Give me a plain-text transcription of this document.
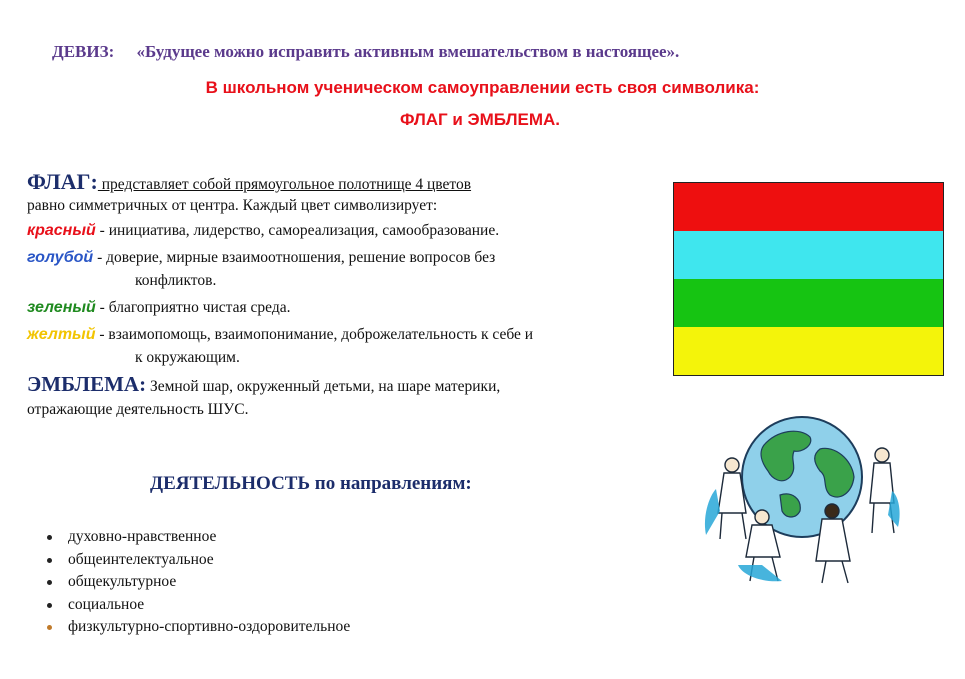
ДЕВИЗ: «Будущее можно исправить активным вмешательством в настоящее».
В школьном ученическом самоуправлении есть своя символика:
ФЛАГ и ЭМБЛЕМА.
ФЛАГ: представляет собой прямоугольное полотнище 4 цветов
равно симметричных от центра. Каждый цвет символизирует:
красный - инициатива, лидерство, самореализация, самообразование.
голубой - доверие, мирные взаимоотношения, решение вопросов без
конфликтов.
зеленый - благоприятно чистая среда.
желтый - взаимопомощь, взаимопонимание, доброжелательность к себе и
к окружающим.
ЭМБЛЕМА: Земной шар, окруженный детьми, на шаре материки,
отражающие деятельность ШУС.
ДЕЯТЕЛЬНОСТЬ по направлениям:
духовно-нравственное
общеинтелектуальное
общекультурное
социальное
физкультурно-спортивно-оздоровительное
